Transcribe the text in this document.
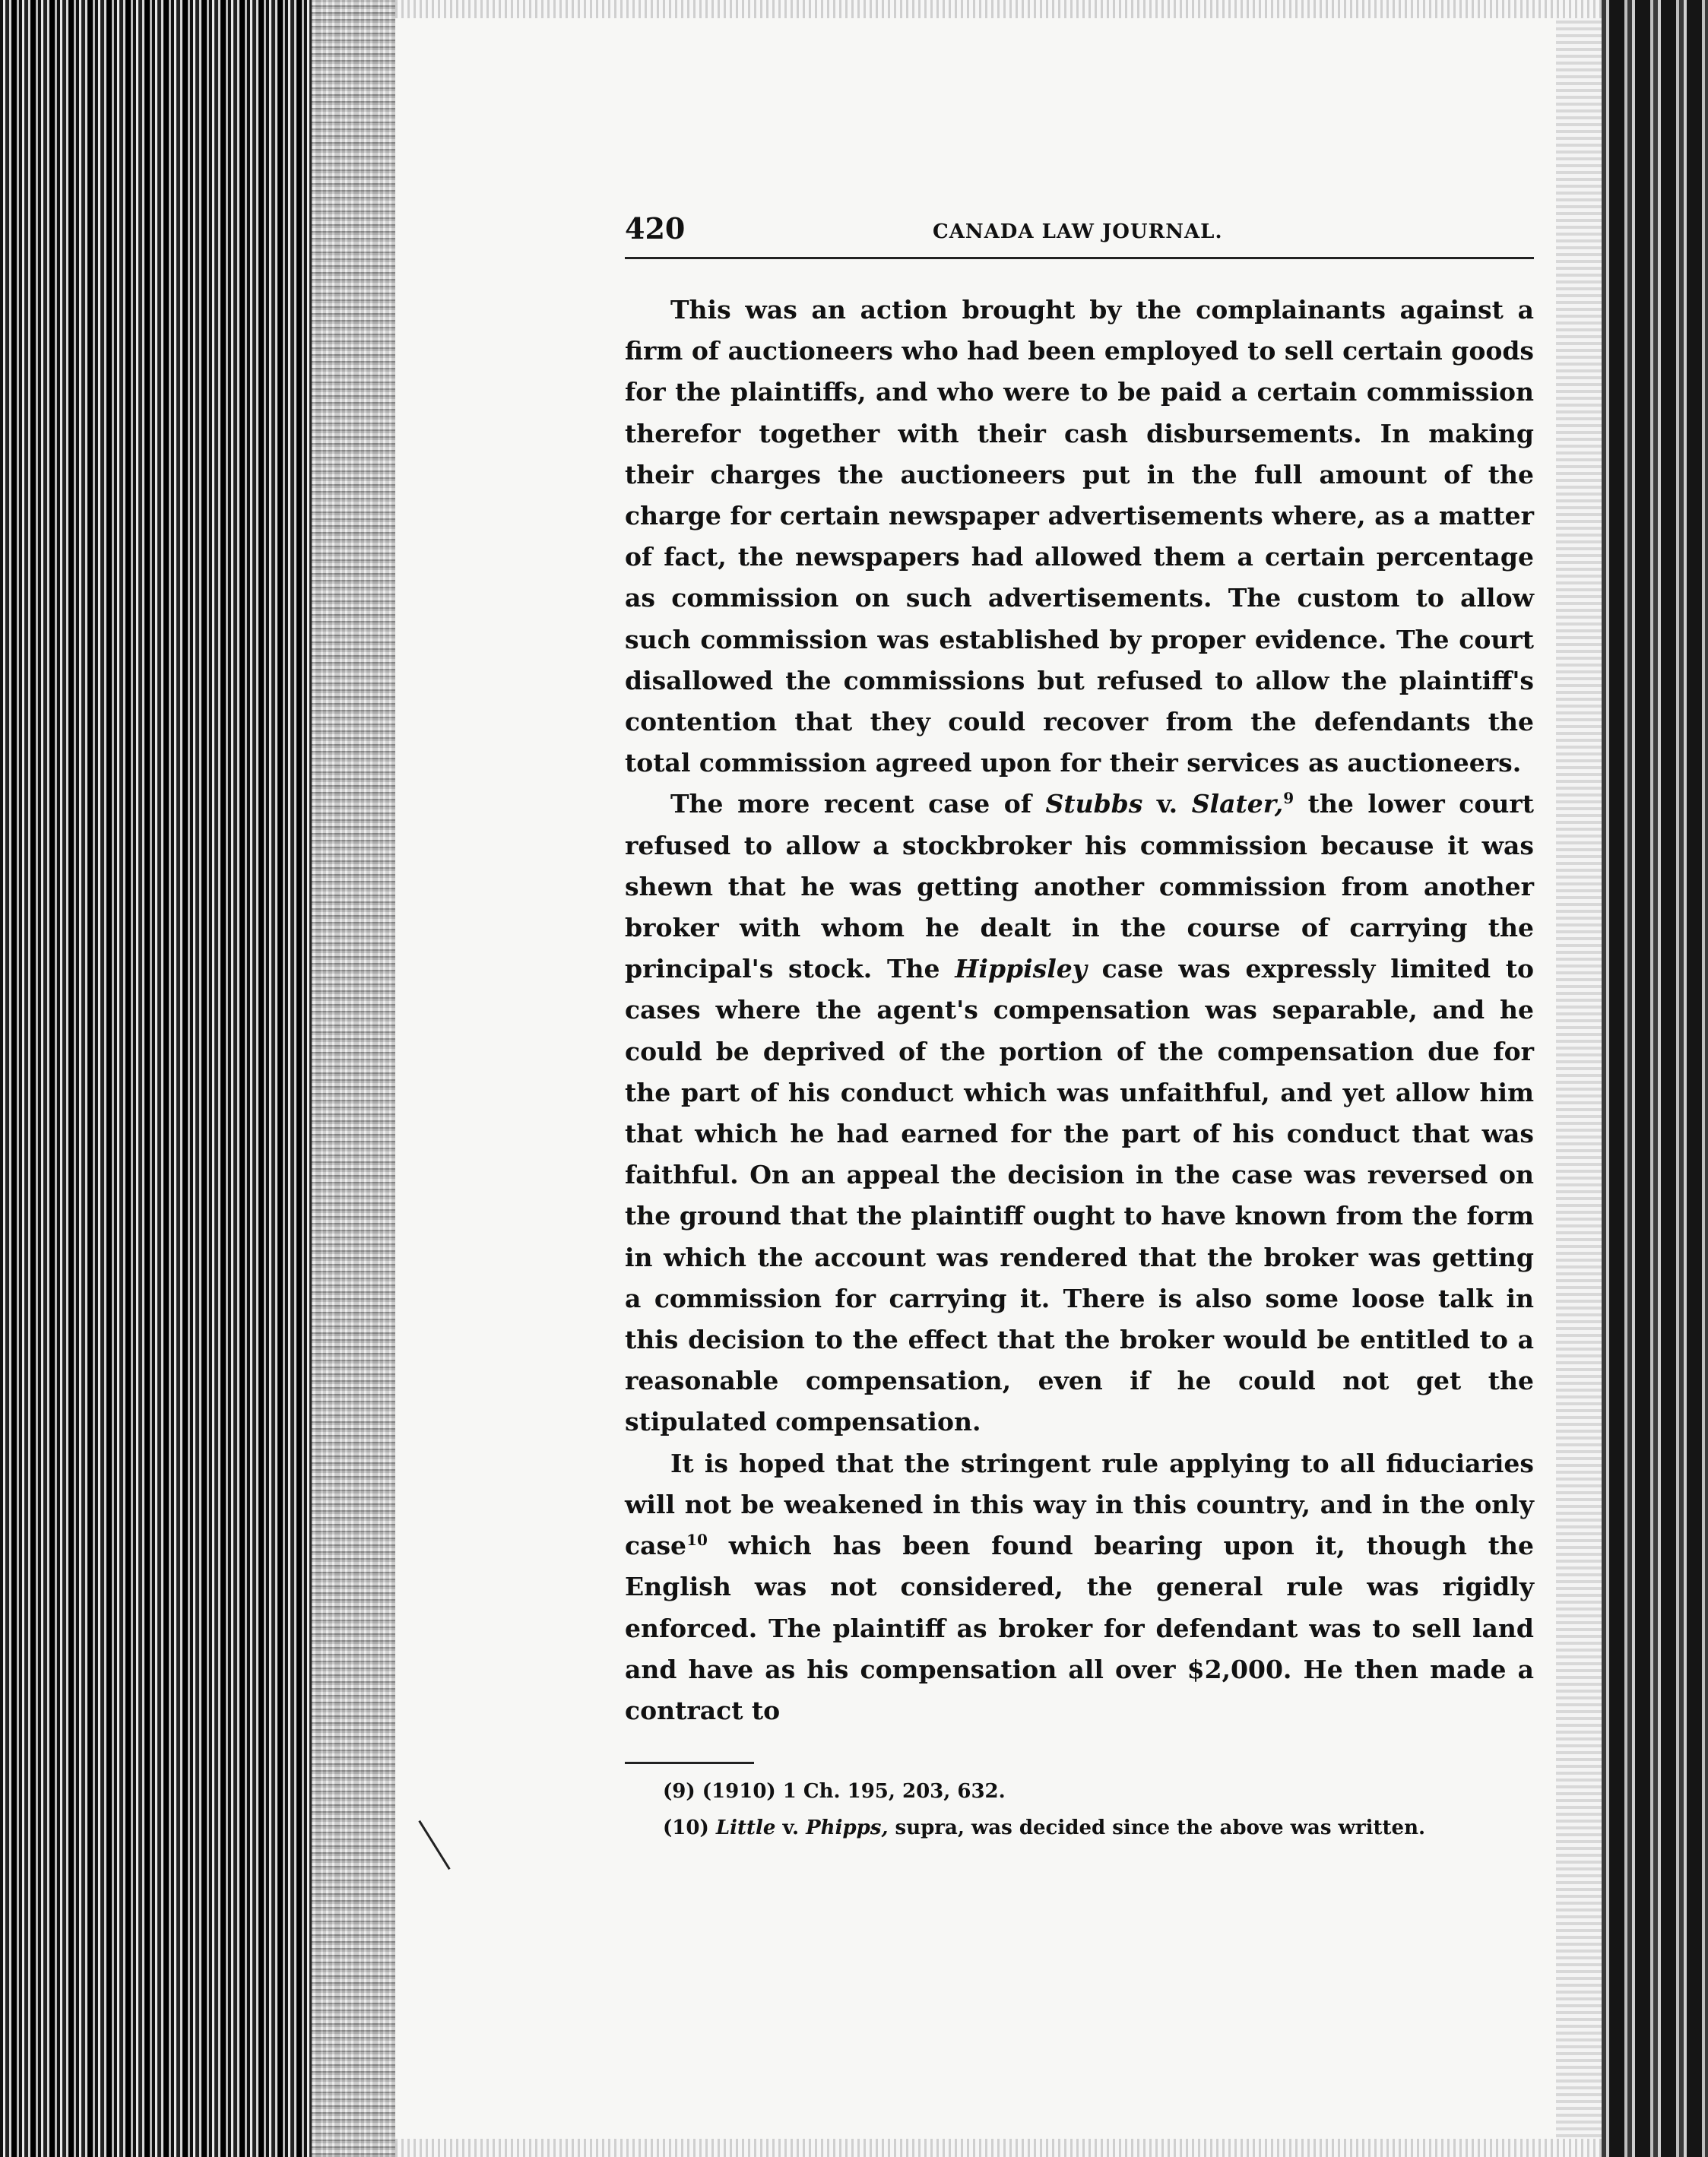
420	CANADA LAW JOURNAL.

This was an action brought by the complainants against a firm of auctioneers who had been employed to sell certain goods for the plaintiffs, and who were to be paid a certain commission therefor together with their cash disbursements. In making their charges the auctioneers put in the full amount of the charge for certain newspaper advertisements where, as a matter of fact, the newspapers had allowed them a certain percentage as commission on such advertisements. The custom to allow such commission was established by proper evidence. The court disallowed the commissions but refused to allow the plaintiff's contention that they could recover from the defendants the total commission agreed upon for their services as auctioneers.

The more recent case of Stubbs v. Slater,$^9$ the lower court refused to allow a stockbroker his commission because it was shewn that he was getting another commission from another broker with whom he dealt in the course of carrying the principal's stock. The Hippisley case was expressly limited to cases where the agent's compensation was separable, and he could be deprived of the portion of the compensation due for the part of his conduct which was unfaithful, and yet allow him that which he had earned for the part of his conduct that was faithful. On an appeal the decision in the case was reversed on the ground that the plaintiff ought to have known from the form in which the account was rendered that the broker was getting a commission for carrying it. There is also some loose talk in this decision to the effect that the broker would be entitled to a reasonable compensation, even if he could not get the stipulated compensation.

It is hoped that the stringent rule applying to all fiduciaries will not be weakened in this way in this country, and in the only case$^{10}$ which has been found bearing upon it, though the English was not considered, the general rule was rigidly enforced. The plaintiff as broker for defendant was to sell land and have as his compensation all over $2,000. He then made a contract to

(9) (1910) 1 Ch. 195, 203, 632.
(10) Little v. Phipps, supra, was decided since the above was written.
